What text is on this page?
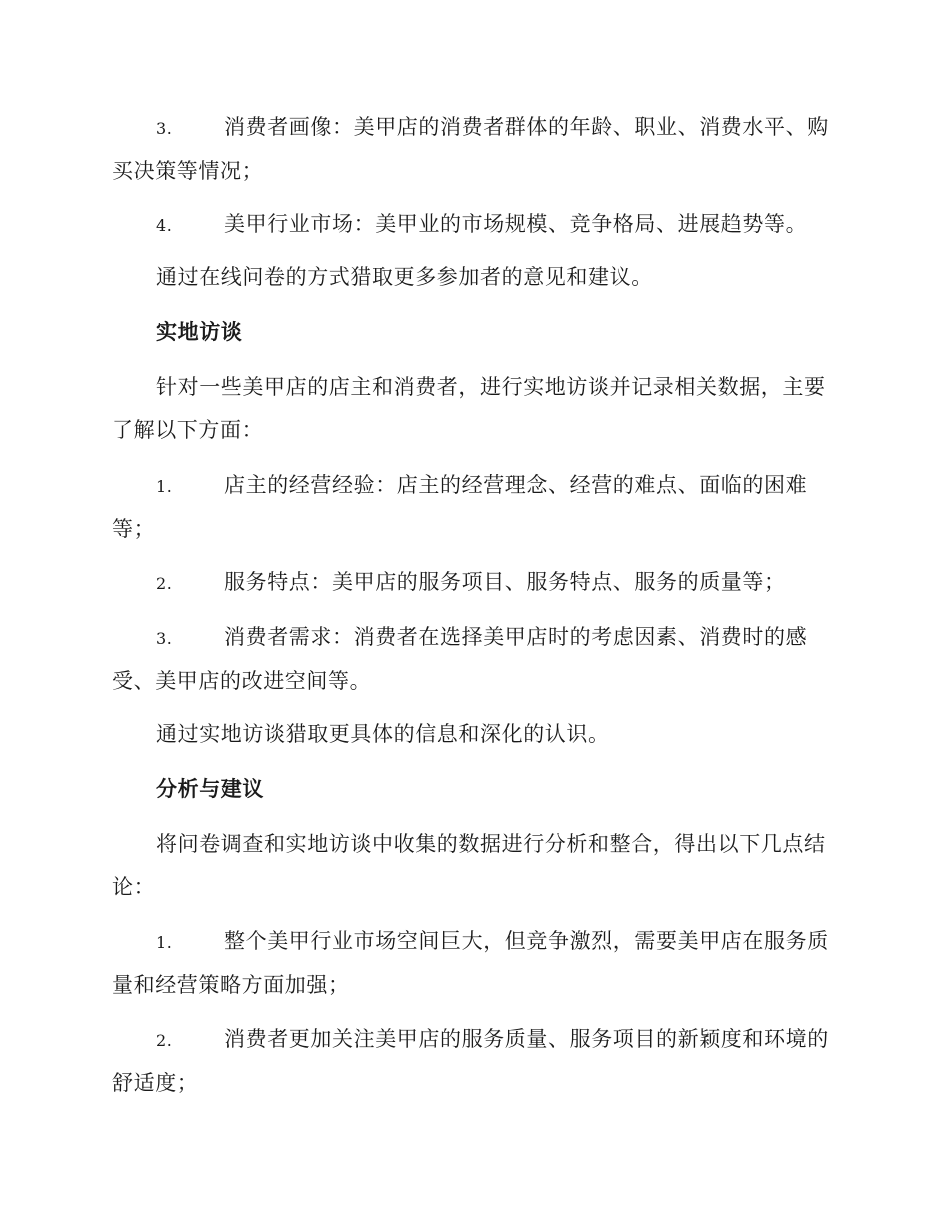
3. 消费者画像：美甲店的消费者群体的年龄、职业、消费水平、购买决策等情况；
4. 美甲行业市场：美甲业的市场规模、竞争格局、进展趋势等。
通过在线问卷的方式猎取更多参加者的意见和建议。
实地访谈
针对一些美甲店的店主和消费者，进行实地访谈并记录相关数据，主要了解以下方面：
1. 店主的经营经验：店主的经营理念、经营的难点、面临的困难等；
2. 服务特点：美甲店的服务项目、服务特点、服务的质量等；
3. 消费者需求：消费者在选择美甲店时的考虑因素、消费时的感受、美甲店的改进空间等。
通过实地访谈猎取更具体的信息和深化的认识。
分析与建议
将问卷调查和实地访谈中收集的数据进行分析和整合，得出以下几点结论：
1. 整个美甲行业市场空间巨大，但竞争激烈，需要美甲店在服务质量和经营策略方面加强；
2. 消费者更加关注美甲店的服务质量、服务项目的新颖度和环境的舒适度；
